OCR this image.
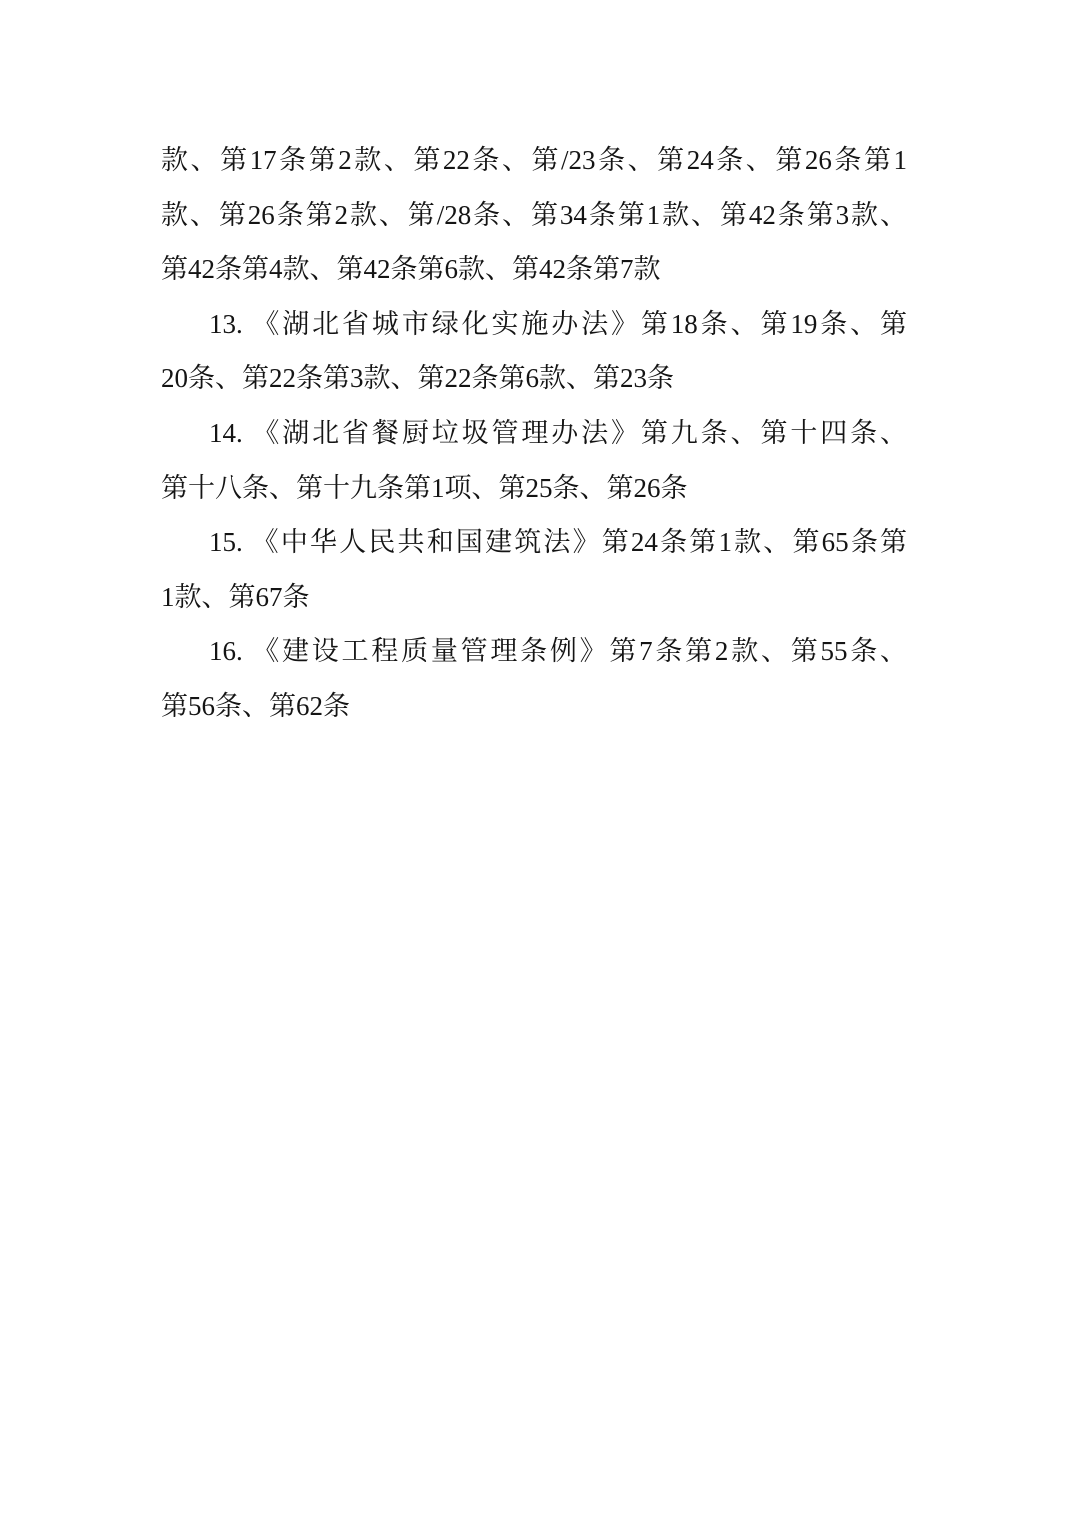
款、第17条第2款、第22条、第/23条、第24条、第26条第1
款、第26条第2款、第/28条、第34条第1款、第42条第3款、
第42条第4款、第42条第6款、第42条第7款
13. 《湖北省城市绿化实施办法》第18条、第19条、第
20条、第22条第3款、第22条第6款、第23条
14. 《湖北省餐厨垃圾管理办法》第九条、第十四条、
第十八条、第十九条第1项、第25条、第26条
15. 《中华人民共和国建筑法》第24条第1款、第65条第
1款、第67条
16. 《建设工程质量管理条例》第7条第2款、第55条、
第56条、第62条
